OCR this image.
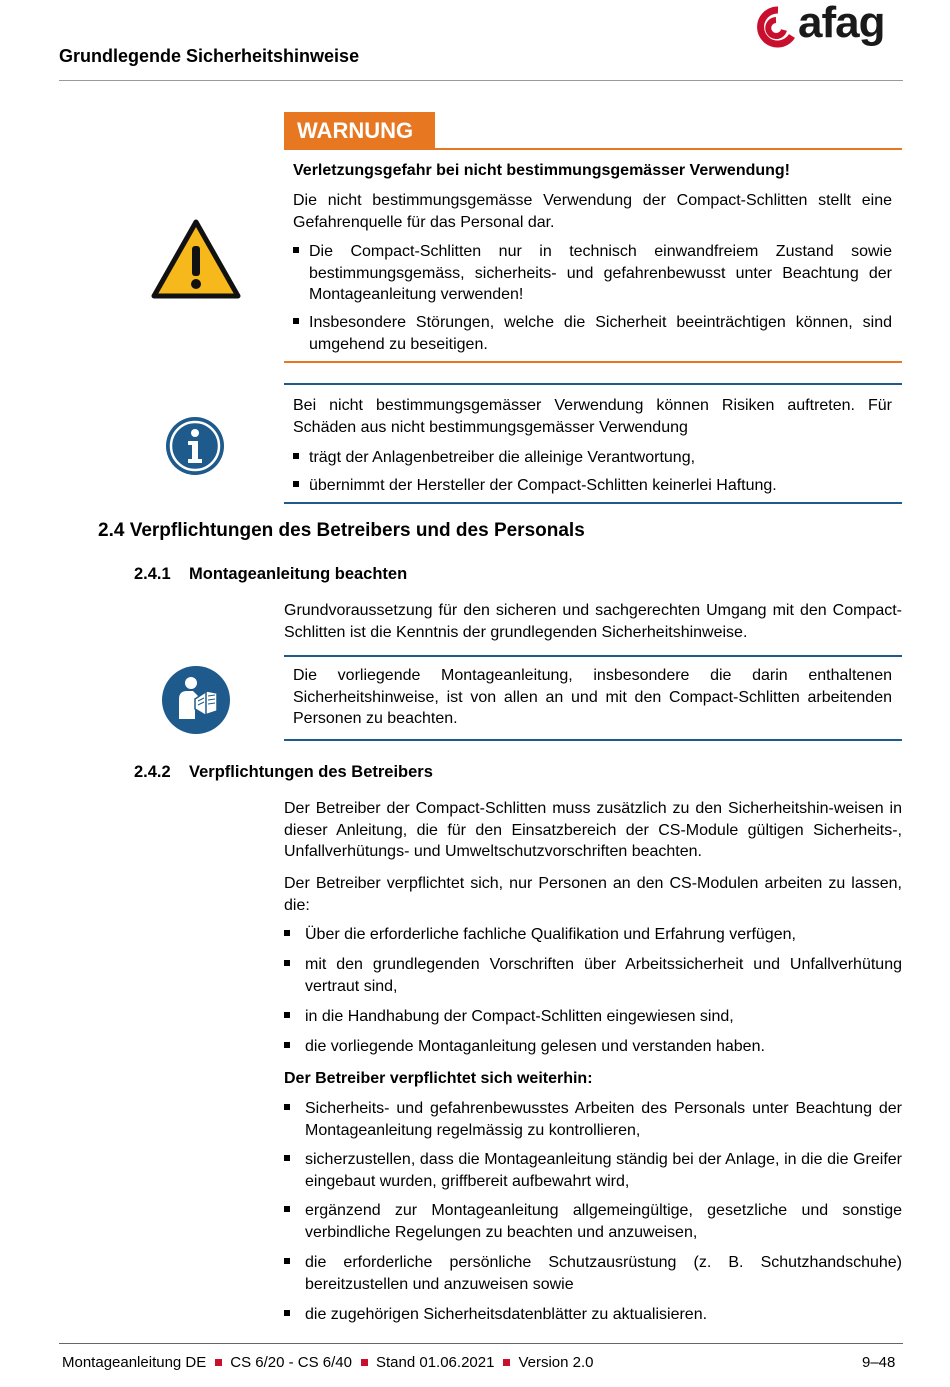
Grundlegende Sicherheitshinweise
afag
WARNUNG
Verletzungsgefahr bei nicht bestimmungsgemässer Verwendung!
Die nicht bestimmungsgemässe Verwendung der Compact-Schlitten stellt eine Gefahrenquelle für das Personal dar.
Die Compact-Schlitten nur in technisch einwandfreiem Zustand sowie bestimmungsgemäss, sicherheits- und gefahrenbewusst unter Beachtung der Montageanleitung verwenden!
Insbesondere Störungen, welche die Sicherheit beeinträchtigen können, sind umgehend zu beseitigen.
Bei nicht bestimmungsgemässer Verwendung können Risiken auftreten. Für Schäden aus nicht bestimmungsgemässer Verwendung
trägt der Anlagenbetreiber die alleinige Verantwortung,
übernimmt der Hersteller der Compact-Schlitten keinerlei Haftung.
2.4 Verpflichtungen des Betreibers und des Personals
2.4.1 Montageanleitung beachten
Grundvoraussetzung für den sicheren und sachgerechten Umgang mit den Compact-Schlitten ist die Kenntnis der grundlegenden Sicherheitshinweise.
Die vorliegende Montageanleitung, insbesondere die darin enthaltenen Sicherheitshinweise, ist von allen an und mit den Compact-Schlitten arbeitenden Personen zu beachten.
2.4.2 Verpflichtungen des Betreibers
Der Betreiber der Compact-Schlitten muss zusätzlich zu den Sicherheitshin-weisen in dieser Anleitung, die für den Einsatzbereich der CS-Module gültigen Sicherheits-, Unfallverhütungs- und Umweltschutzvorschriften beachten.
Der Betreiber verpflichtet sich, nur Personen an den CS-Modulen arbeiten zu lassen, die:
Über die erforderliche fachliche Qualifikation und Erfahrung verfügen,
mit den grundlegenden Vorschriften über Arbeitssicherheit und Unfallverhütung vertraut sind,
in die Handhabung der Compact-Schlitten eingewiesen sind,
die vorliegende Montaganleitung gelesen und verstanden haben.
Der Betreiber verpflichtet sich weiterhin:
Sicherheits- und gefahrenbewusstes Arbeiten des Personals unter Beachtung der Montageanleitung regelmässig zu kontrollieren,
sicherzustellen, dass die Montageanleitung ständig bei der Anlage, in die die Greifer eingebaut wurden, griffbereit aufbewahrt wird,
ergänzend zur Montageanleitung allgemeingültige, gesetzliche und sonstige verbindliche Regelungen zu beachten und anzuweisen,
die erforderliche persönliche Schutzausrüstung (z. B. Schutzhandschuhe) bereitzustellen und anzuweisen sowie
die zugehörigen Sicherheitsdatenblätter zu aktualisieren.
Montageanleitung DE CS 6/20 - CS 6/40 Stand 01.06.2021 Version 2.0	9–48
